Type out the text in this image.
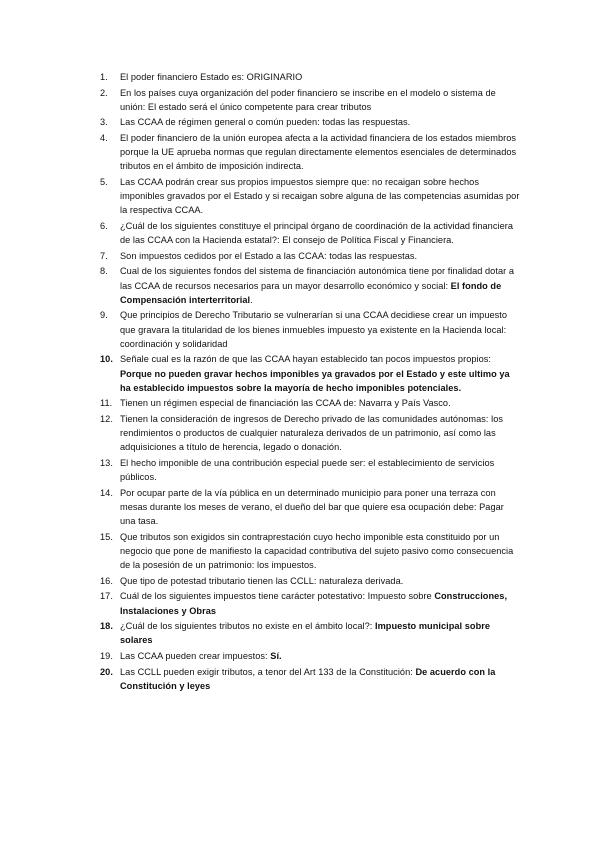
1.	El poder financiero Estado es: ORIGINARIO
2.	En los países cuya organización del poder financiero se inscribe en el modelo o sistema de unión: El estado será el único competente para crear tributos
3.	Las CCAA de régimen general o común pueden: todas las respuestas.
4.	El poder financiero de la unión europea afecta a la actividad financiera de los estados miembros porque la UE aprueba normas que regulan directamente elementos esenciales de determinados tributos en el ámbito de imposición indirecta.
5.	Las CCAA podrán crear sus propios impuestos siempre que: no recaigan sobre hechos imponibles gravados por el Estado y si recaigan sobre alguna de las competencias asumidas por la respectiva CCAA.
6.	¿Cuál de los siguientes constituye el principal órgano de coordinación de la actividad financiera de las CCAA con la Hacienda estatal?: El consejo de Política Fiscal y Financiera.
7.	Son impuestos cedidos por el Estado a las CCAA: todas las respuestas.
8.	Cual de los siguientes fondos del sistema de financiación autonómica tiene por finalidad dotar a las CCAA de recursos necesarios para un mayor desarrollo económico y social: El fondo de Compensación interterritorial.
9.	Que principios de Derecho Tributario se vulnerarían si una CCAA decidiese crear un impuesto que gravara la titularidad de los bienes inmuebles impuesto ya existente en la Hacienda local: coordinación y solidaridad
10. Señale cual es la razón de que las CCAA hayan establecido tan pocos impuestos propios: Porque no pueden gravar hechos imponibles ya gravados por el Estado y este ultimo ya ha establecido impuestos sobre la mayoría de hecho imponibles potenciales.
11. Tienen un régimen especial de financiación las CCAA de: Navarra y País Vasco.
12. Tienen la consideración de ingresos de Derecho privado de las comunidades autónomas: los rendimientos o productos de cualquier naturaleza derivados de un patrimonio, así como las adquisiciones a título de herencia, legado o donación.
13. El hecho imponible de una contribución especial puede ser: el establecimiento de servicios públicos.
14. Por ocupar parte de la vía pública en un determinado municipio para poner una terraza con mesas durante los meses de verano, el dueño del bar que quiere esa ocupación debe: Pagar una tasa.
15. Que tributos son exigidos sin contraprestación cuyo hecho imponible esta constituido por un negocio que pone de manifiesto la capacidad contributiva del sujeto pasivo como consecuencia de la posesión de un patrimonio: los impuestos.
16. Que tipo de potestad tributario tienen las CCLL: naturaleza derivada.
17. Cuál de los siguientes impuestos tiene carácter potestativo: Impuesto sobre Construcciones, Instalaciones y Obras
18. ¿Cuál de los siguientes tributos no existe en el ámbito local?: Impuesto municipal sobre solares
19. Las CCAA pueden crear impuestos: Sí.
20. Las CCLL pueden exigir tributos, a tenor del Art 133 de la Constitución: De acuerdo con la Constitución y leyes
